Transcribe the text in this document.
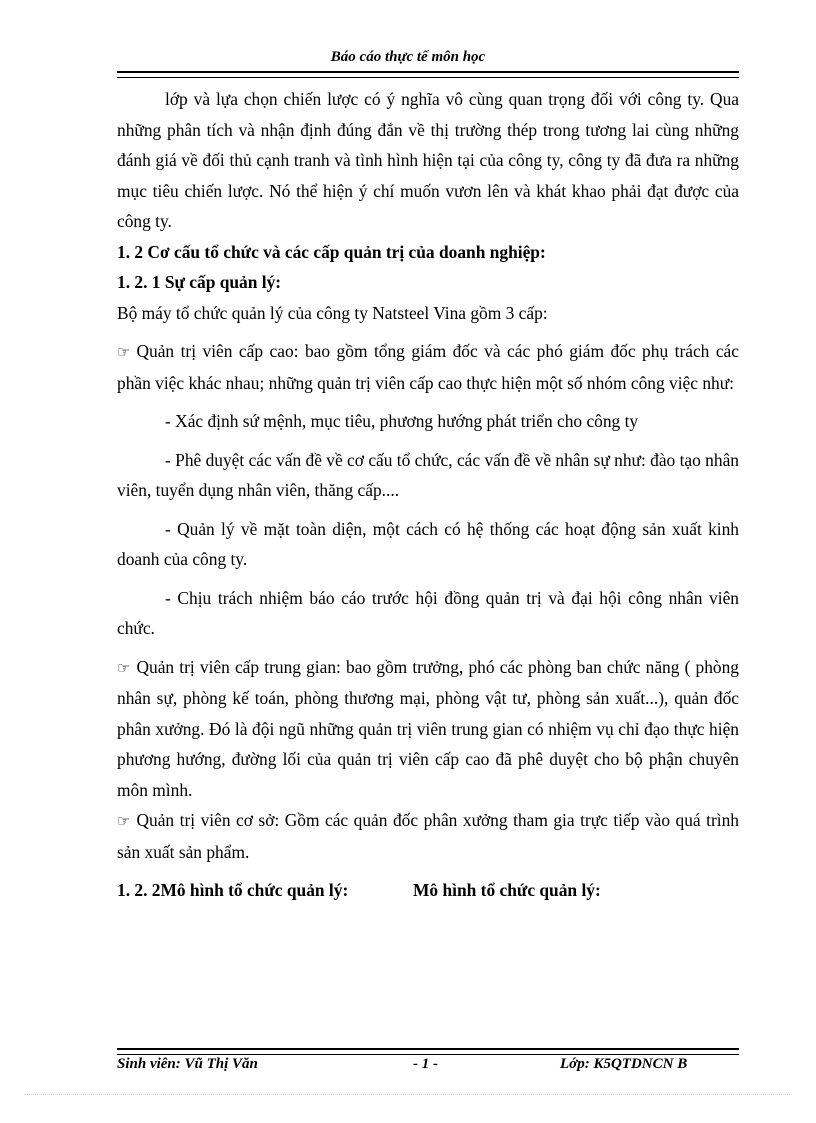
Báo cáo thực tế môn học

lớp và lựa chọn chiến lược có ý nghĩa vô cùng quan trọng đối với công ty. Qua những phân tích và nhận định đúng đắn về thị trường thép trong tương lai cùng những đánh giá về đối thủ cạnh tranh và tình hình hiện tại của công ty, công ty đã đưa ra những mục tiêu chiến lược. Nó thể hiện ý chí muốn vươn lên và khát khao phải đạt được của công ty.

1. 2 Cơ cấu tổ chức và các cấp quản trị của doanh nghiệp:

1. 2. 1 Sự cấp quản lý:

Bộ máy tổ chức quản lý của công ty Natsteel Vina gồm 3 cấp:

☞ Quản trị viên cấp cao: bao gồm tổng giám đốc và các phó giám đốc phụ trách các phần việc khác nhau; những quản trị viên cấp cao thực hiện một số nhóm công việc như:

- Xác định sứ mệnh, mục tiêu, phương hướng phát triển cho công ty

- Phê duyệt các vấn đề về cơ cấu tổ chức, các vấn đề về nhân sự như: đào tạo nhân viên, tuyển dụng nhân viên, thăng cấp....

- Quản lý về mặt toàn diện, một cách có hệ thống các hoạt động sản xuất kinh doanh của công ty.

- Chịu trách nhiệm báo cáo trước hội đồng quản trị và đại hội công nhân viên chức.

☞ Quản trị viên cấp trung gian: bao gồm trưởng, phó các phòng ban chức năng ( phòng nhân sự, phòng kế toán, phòng thương mại, phòng vật tư, phòng sản xuất...), quản đốc phân xưởng. Đó là đội ngũ những quản trị viên trung gian có nhiệm vụ chỉ đạo thực hiện phương hướng, đường lối của quản trị viên cấp cao đã phê duyệt cho bộ phận chuyên môn mình.

☞ Quản trị viên cơ sở: Gồm các quản đốc phân xưởng tham gia trực tiếp vào quá trình sản xuất sản phẩm.

1. 2. 2Mô hình tổ chức quản lý:	Mô hình tổ chức quản lý:
Sinh viên: Vũ Thị Văn	- 1 -	Lớp: K5QTDNCN B
